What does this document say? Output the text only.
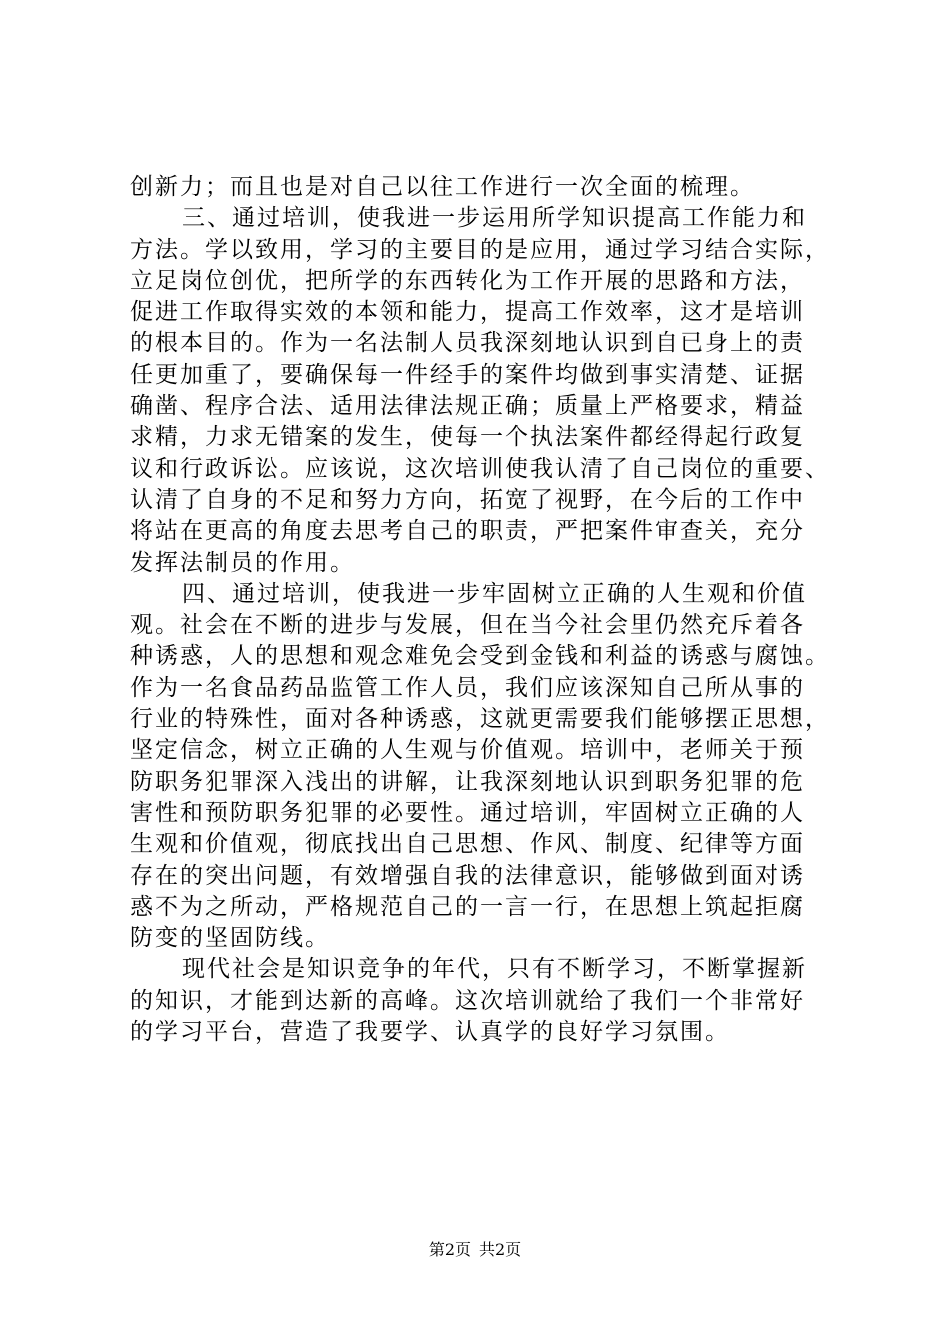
创新力；而且也是对自己以往工作进行一次全面的梳理。
三、通过培训，使我进一步运用所学知识提高工作能力和
方法。学以致用，学习的主要目的是应用，通过学习结合实际，
立足岗位创优，把所学的东西转化为工作开展的思路和方法，
促进工作取得实效的本领和能力，提高工作效率，这才是培训
的根本目的。作为一名法制人员我深刻地认识到自已身上的责
任更加重了，要确保每一件经手的案件均做到事实清楚、证据
确凿、程序合法、适用法律法规正确；质量上严格要求，精益
求精，力求无错案的发生，使每一个执法案件都经得起行政复
议和行政诉讼。应该说，这次培训使我认清了自己岗位的重要、
认清了自身的不足和努力方向，拓宽了视野，在今后的工作中
将站在更高的角度去思考自己的职责，严把案件审查关，充分
发挥法制员的作用。
四、通过培训，使我进一步牢固树立正确的人生观和价值
观。社会在不断的进步与发展，但在当今社会里仍然充斥着各
种诱惑，人的思想和观念难免会受到金钱和利益的诱惑与腐蚀。
作为一名食品药品监管工作人员，我们应该深知自己所从事的
行业的特殊性，面对各种诱惑，这就更需要我们能够摆正思想，
坚定信念，树立正确的人生观与价值观。培训中，老师关于预
防职务犯罪深入浅出的讲解，让我深刻地认识到职务犯罪的危
害性和预防职务犯罪的必要性。通过培训，牢固树立正确的人
生观和价值观，彻底找出自己思想、作风、制度、纪律等方面
存在的突出问题，有效增强自我的法律意识，能够做到面对诱
惑不为之所动，严格规范自己的一言一行，在思想上筑起拒腐
防变的坚固防线。
现代社会是知识竞争的年代，只有不断学习，不断掌握新
的知识，才能到达新的高峰。这次培训就给了我们一个非常好
的学习平台，营造了我要学、认真学的良好学习氛围。
第2页 共2页
